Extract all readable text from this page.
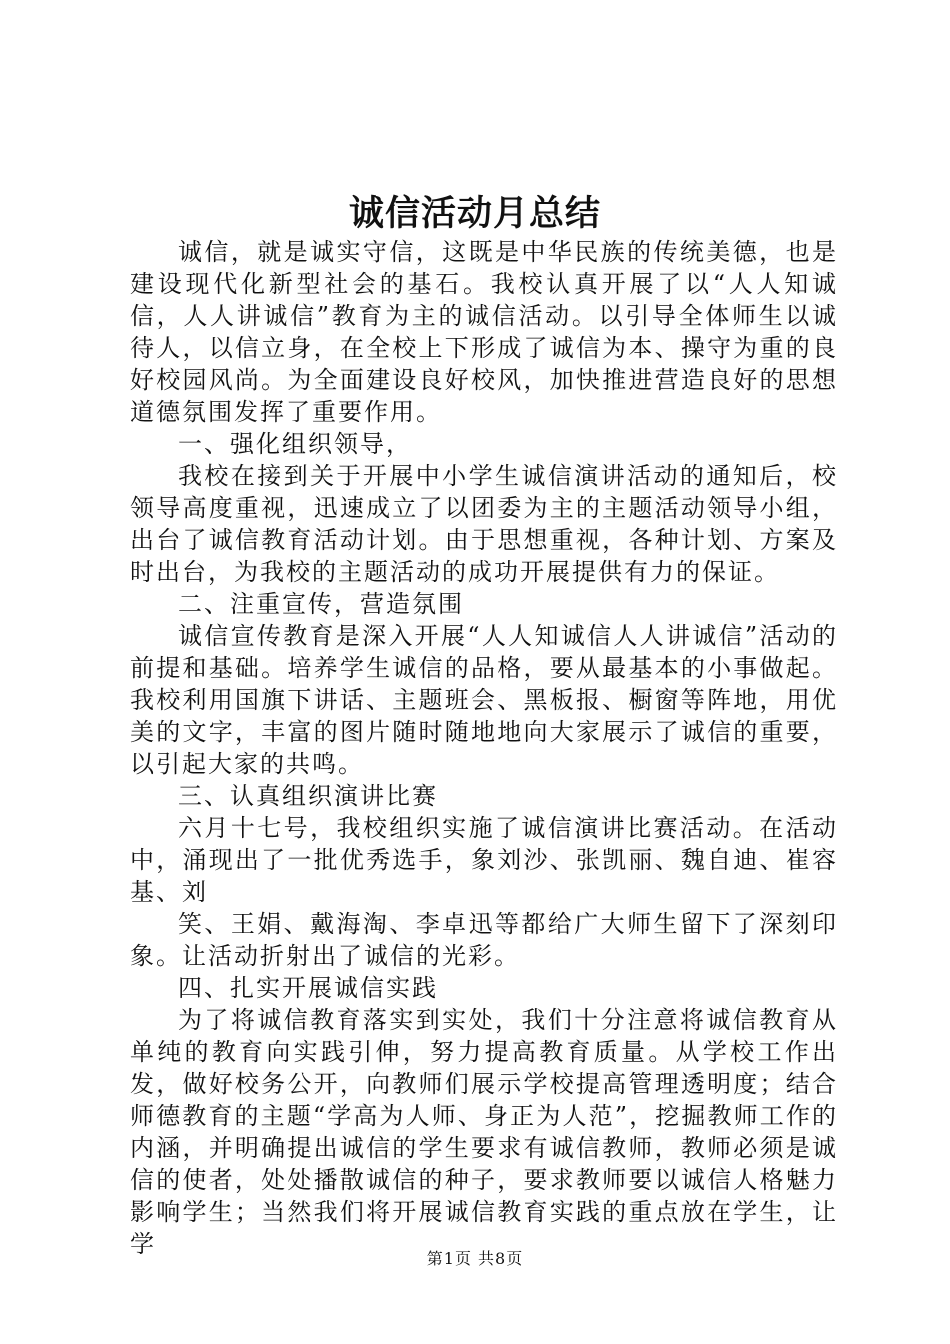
诚信活动月总结

诚信，就是诚实守信，这既是中华民族的传统美德，也是建设现代化新型社会的基石。我校认真开展了以“人人知诚信，人人讲诚信”教育为主的诚信活动。以引导全体师生以诚待人，以信立身，在全校上下形成了诚信为本、操守为重的良好校园风尚。为全面建设良好校风，加快推进营造良好的思想道德氛围发挥了重要作用。

一、强化组织领导，

我校在接到关于开展中小学生诚信演讲活动的通知后，校领导高度重视，迅速成立了以团委为主的主题活动领导小组，出台了诚信教育活动计划。由于思想重视，各种计划、方案及时出台，为我校的主题活动的成功开展提供有力的保证。

二、注重宣传，营造氛围

诚信宣传教育是深入开展“人人知诚信人人讲诚信”活动的前提和基础。培养学生诚信的品格，要从最基本的小事做起。我校利用国旗下讲话、主题班会、黑板报、橱窗等阵地，用优美的文字，丰富的图片随时随地地向大家展示了诚信的重要，以引起大家的共鸣。

三、认真组织演讲比赛

六月十七号，我校组织实施了诚信演讲比赛活动。在活动中，涌现出了一批优秀选手，象刘沙、张凯丽、魏自迪、崔容基、刘

笑、王娟、戴海淘、李卓迅等都给广大师生留下了深刻印象。让活动折射出了诚信的光彩。

四、扎实开展诚信实践

为了将诚信教育落实到实处，我们十分注意将诚信教育从单纯的教育向实践引伸，努力提高教育质量。从学校工作出发，做好校务公开，向教师们展示学校提高管理透明度；结合师德教育的主题“学高为人师、身正为人范”，挖掘教师工作的内涵，并明确提出诚信的学生要求有诚信教师，教师必须是诚信的使者，处处播散诚信的种子，要求教师要以诚信人格魅力影响学生；当然我们将开展诚信教育实践的重点放在学生，让学

第1页 共8页
